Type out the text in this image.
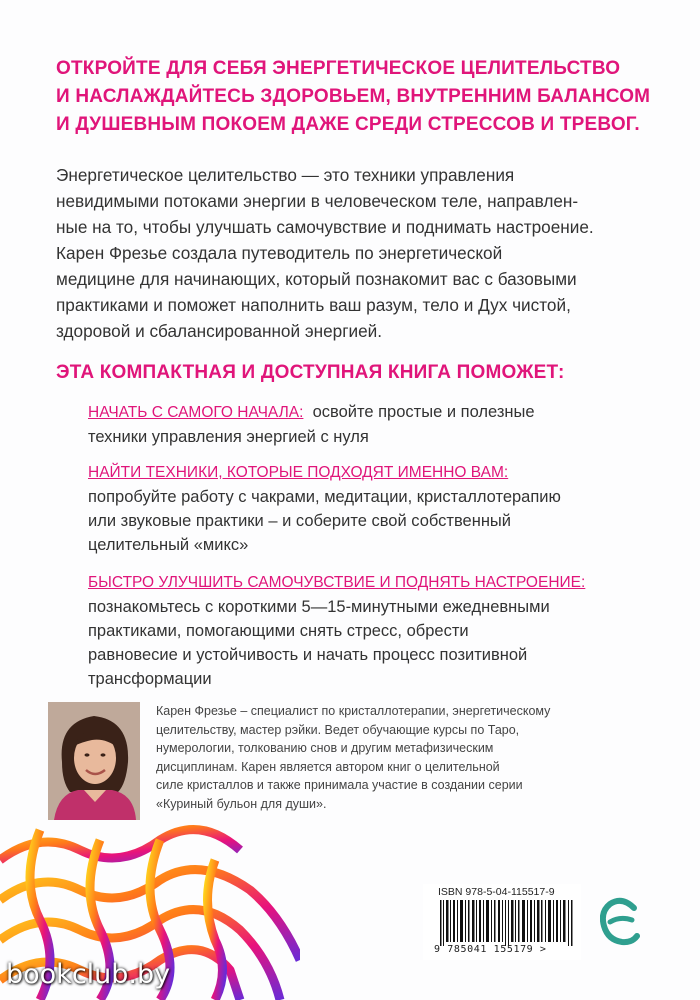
ОТКРОЙТЕ ДЛЯ СЕБЯ ЭНЕРГЕТИЧЕСКОЕ ЦЕЛИТЕЛЬСТВО
И НАСЛАЖДАЙТЕСЬ ЗДОРОВЬЕМ, ВНУТРЕННИМ БАЛАНСОМ
И ДУШЕВНЫМ ПОКОЕМ ДАЖЕ СРЕДИ СТРЕССОВ И ТРЕВОГ.
Энергетическое целительство — это техники управления
невидимыми потоками энергии в человеческом теле, направлен-
ные на то, чтобы улучшать самочувствие и поднимать настроение.
Карен Фрезье создала путеводитель по энергетической
медицине для начинающих, который познакомит вас с базовыми
практиками и поможет наполнить ваш разум, тело и Дух чистой,
здоровой и сбалансированной энергией.
ЭТА КОМПАКТНАЯ И ДОСТУПНАЯ КНИГА ПОМОЖЕТ:
НАЧАТЬ С САМОГО НАЧАЛА: освойте простые и полезные
техники управления энергией с нуля
НАЙТИ ТЕХНИКИ, КОТОРЫЕ ПОДХОДЯТ ИМЕННО ВАМ:
попробуйте работу с чакрами, медитации, кристаллотерапию
или звуковые практики – и соберите свой собственный
целительный «микс»
БЫСТРО УЛУЧШИТЬ САМОЧУВСТВИЕ И ПОДНЯТЬ НАСТРОЕНИЕ:
познакомьтесь с короткими 5—15-минутными ежедневными
практиками, помогающими снять стресс, обрести
равновесие и устойчивость и начать процесс позитивной
трансформации
Карен Фрезье – специалист по кристаллотерапии, энергетическому
целительству, мастер рэйки. Ведет обучающие курсы по Таро,
нумерологии, толкованию снов и другим метафизическим
дисциплинам. Карен является автором книг о целительной
силе кристаллов и также принимала участие в создании серии
«Куриный бульон для души».
ISBN 978-5-04-115517-9
9 785041 155179 >
bookclub.by
